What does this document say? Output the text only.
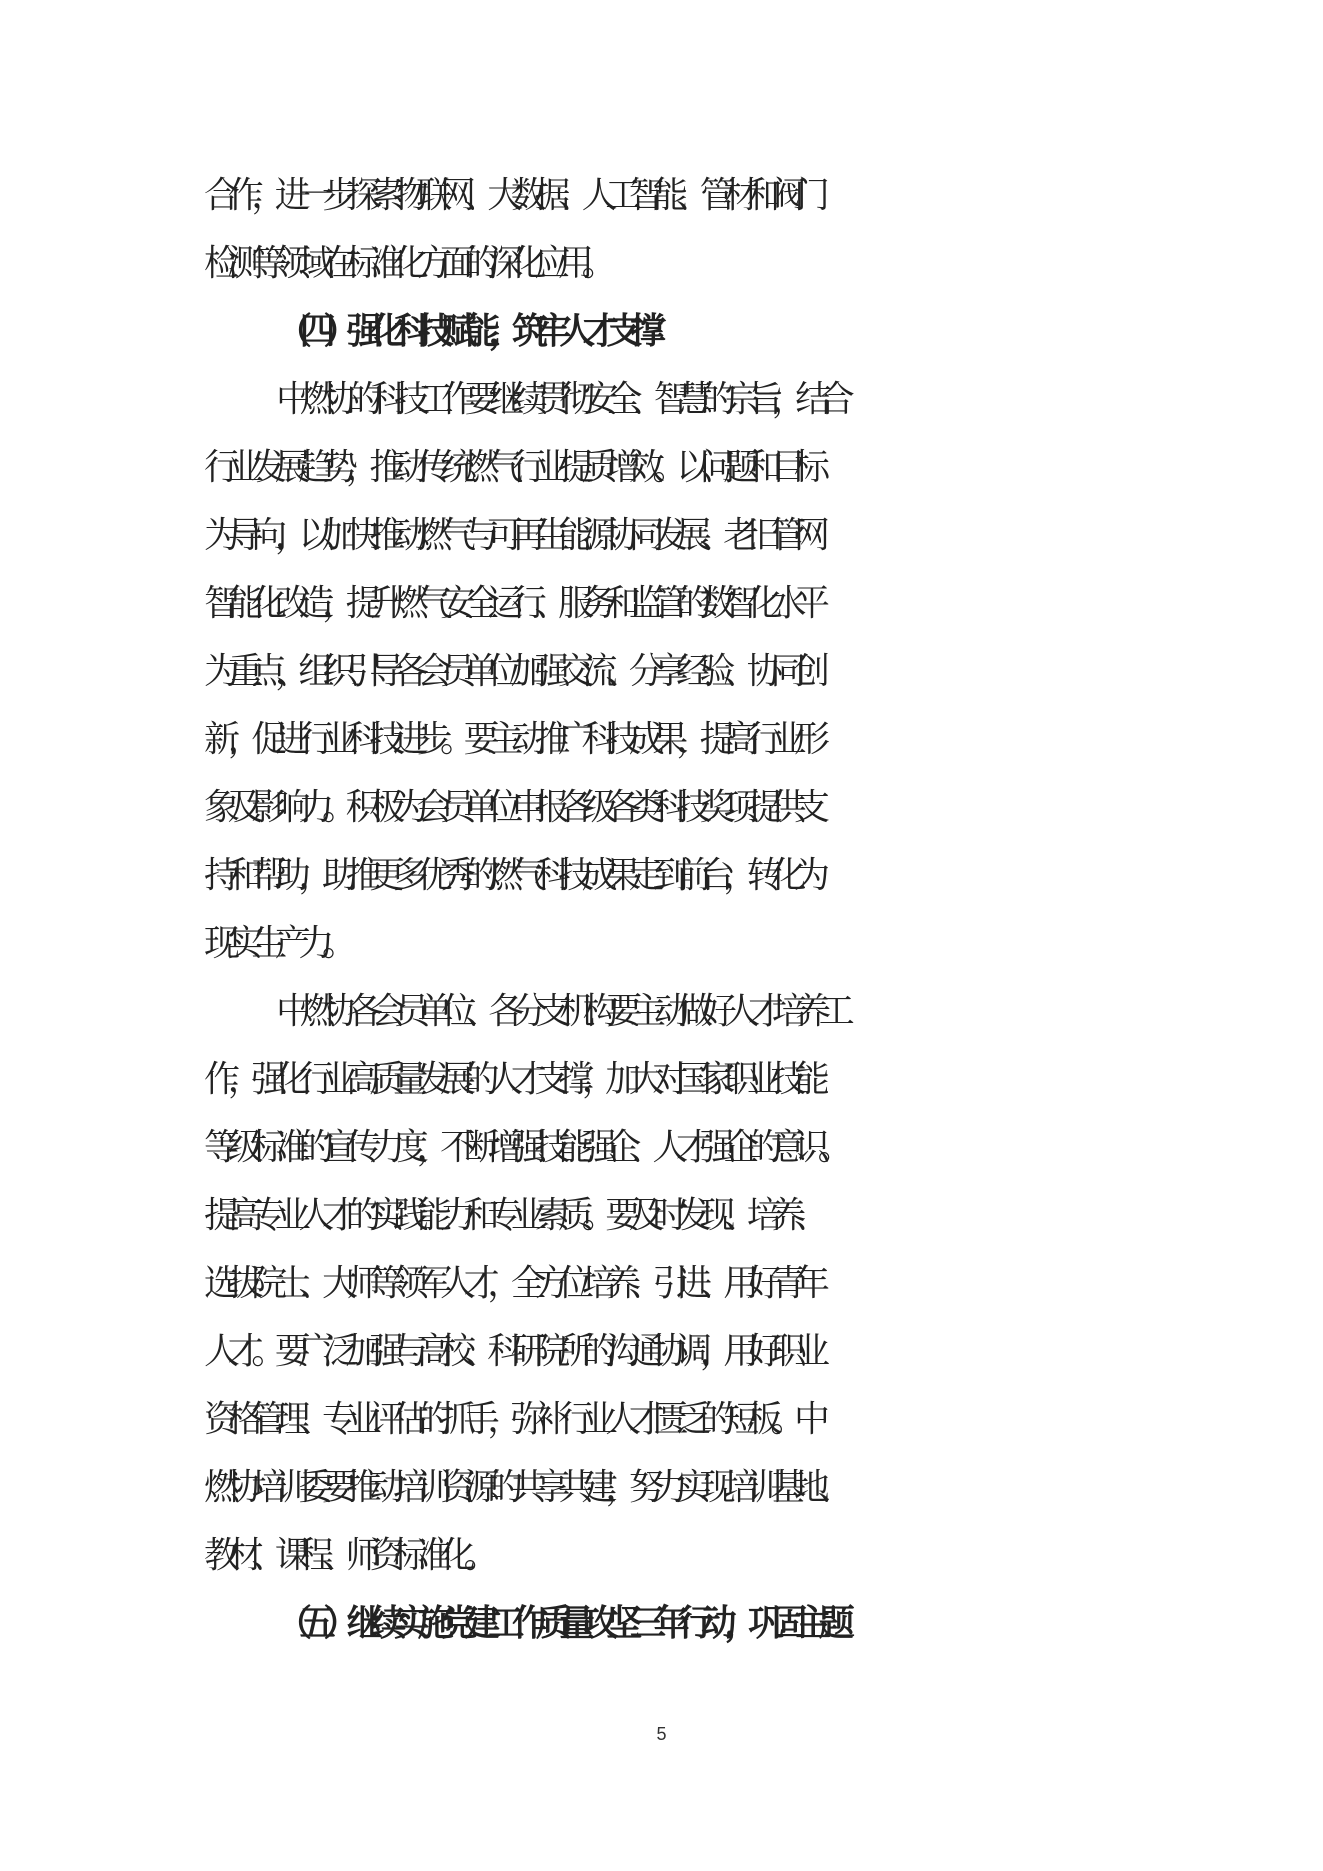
合作，进一步探索物联网、大数据、人工智能、管材和阀门
检测等领域在标准化方面的深化应用。
（四）强化科技赋能，筑牢人才支撑
中燃协的科技工作要继续贯彻安全、智慧的宗旨，结合
行业发展趋势，推动传统燃气行业提质增效。以问题和目标
为导向，以加快推动燃气与可再生能源协同发展、老旧管网
智能化改造，提升燃气安全运行、服务和监管的数智化水平
为重点，组织引导各会员单位加强交流、分享经验、协同创
新，促进行业科技进步。要主动推广科技成果，提高行业形
象及影响力。积极为会员单位申报各级各类科技奖项提供支
持和帮助，助推更多优秀的燃气科技成果走到前台，转化为
现实生产力。
中燃协各会员单位、各分支机构要主动做好人才培养工
作，强化行业高质量发展的人才支撑，加大对国家职业技能
等级标准的宣传力度，不断增强技能强企、人才强企的意识。
提高专业人才的实践能力和专业素质。要及时发现、培养、
选拔院士、大师等领军人才，全方位培养、引进、用好青年
人才。要广泛加强与高校、科研院所的沟通协调，用好职业
资格管理、专业评估的抓手，弥补行业人才匮乏的短板。中
燃协培训委要推动培训资源的共享共建，努力实现培训基地、
教材、课程、师资标准化。
（五）继续实施党建工作质量攻坚三年行动，巩固主题
5
